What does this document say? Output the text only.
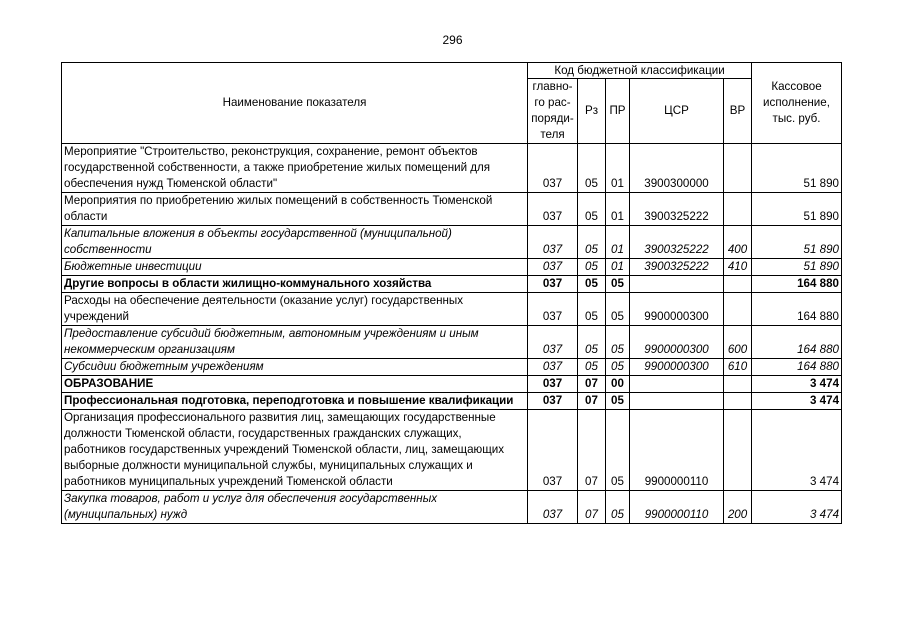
296
Наименование показателя	Код бюджетной классификации					Кассовое
исполнение,
тыс. руб.
	главно-
го рас-
поряди-
теля	Рз	ПР	ЦСР	ВР	
Мероприятие "Строительство, реконструкция, сохранение, ремонт объектов государственной собственности, а также приобретение жилых помещений для обеспечения нужд Тюменской области"	037	05	01	3900300000		51 890
Мероприятия по приобретению жилых помещений в собственность Тюменской области	037	05	01	3900325222		51 890
Капитальные вложения в объекты государственной (муниципальной) собственности	037	05	01	3900325222	400	51 890
Бюджетные инвестиции	037	05	01	3900325222	410	51 890
Другие вопросы в области жилищно-коммунального хозяйства	037	05	05			164 880
Расходы на обеспечение деятельности (оказание услуг) государственных учреждений	037	05	05	9900000300		164 880
Предоставление субсидий бюджетным, автономным учреждениям и иным некоммерческим организациям	037	05	05	9900000300	600	164 880
Субсидии бюджетным учреждениям	037	05	05	9900000300	610	164 880
ОБРАЗОВАНИЕ	037	07	00			3 474
Профессиональная подготовка, переподготовка и повышение квалификации	037	07	05			3 474
Организация профессионального развития лиц, замещающих государственные должности Тюменской области, государственных гражданских служащих, работников государственных учреждений Тюменской области, лиц, замещающих выборные должности муниципальной службы, муниципальных служащих и работников муниципальных учреждений Тюменской области	037	07	05	9900000110		3 474
Закупка товаров, работ и услуг для обеспечения государственных (муниципальных) нужд	037	07	05	9900000110	200	3 474
